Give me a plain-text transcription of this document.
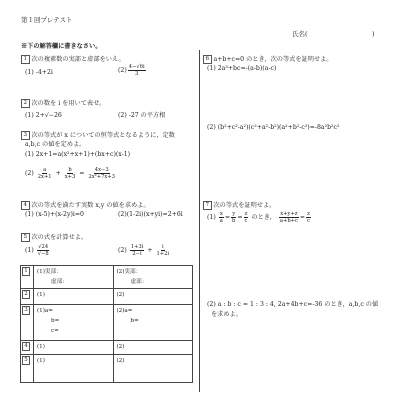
第１回プレテスト
氏名(	)
※下の解答欄に書きなさい。
1 次の複素数の実部と虚部をいえ。
(1) -4+2i	$(2) \frac{4-√6i}{3}$
2 次の数を i を用いて表せ。
(1) 2+√−26	(2) -27 の平方根
3 次の等式が x についての恒等式となるように，定数
a,b,c の値を定めよ。
(1) 2x+1=a(x²+x+1)+(bx+c)(x-1)
$(2) \frac{a}{2x+1} + \frac{b}{x+3} = \frac{4x-3}{\text{2x²+7x+3}}$
4 次の等式を満たす実数 x,y の値を求めよ。
(1) (x-5)+(x-2y)i=0	(2)(1-2i)(x+yi)=2+6i
5 次の式を計算せよ。
$(1) \frac{√24}{√-8}$	$(2) \frac{1+3i}{2-i} + \frac{i}{1+2i}$
1	(1)実部：
虚部：	(2)実部：
虚部：

2	(1)	(2)

3	(1)a=
b=
c=	(2)a=
b=

4	(1)	(2)

5	(1)	(2)
6 a+b+c=0 のとき，次の等式を証明せよ。
(1) 2a³+bc=-(a-b)(a-c)
(2) (b²+c²-a²)(c²+a²-b²)(a²+b²-c²)=-8a²b²c²
7 次の等式を証明せよ。
$(1) \frac{x}{a} = \frac{y}{b} = \frac{z}{c}$ のとき， $\frac{x+y+z}{a+b+c} = \frac{z}{c}$
(2) a : b : c = 1 : 3 : 4, 2a+4b+c=-36 のとき，a,b,c の値
を求めよ。
